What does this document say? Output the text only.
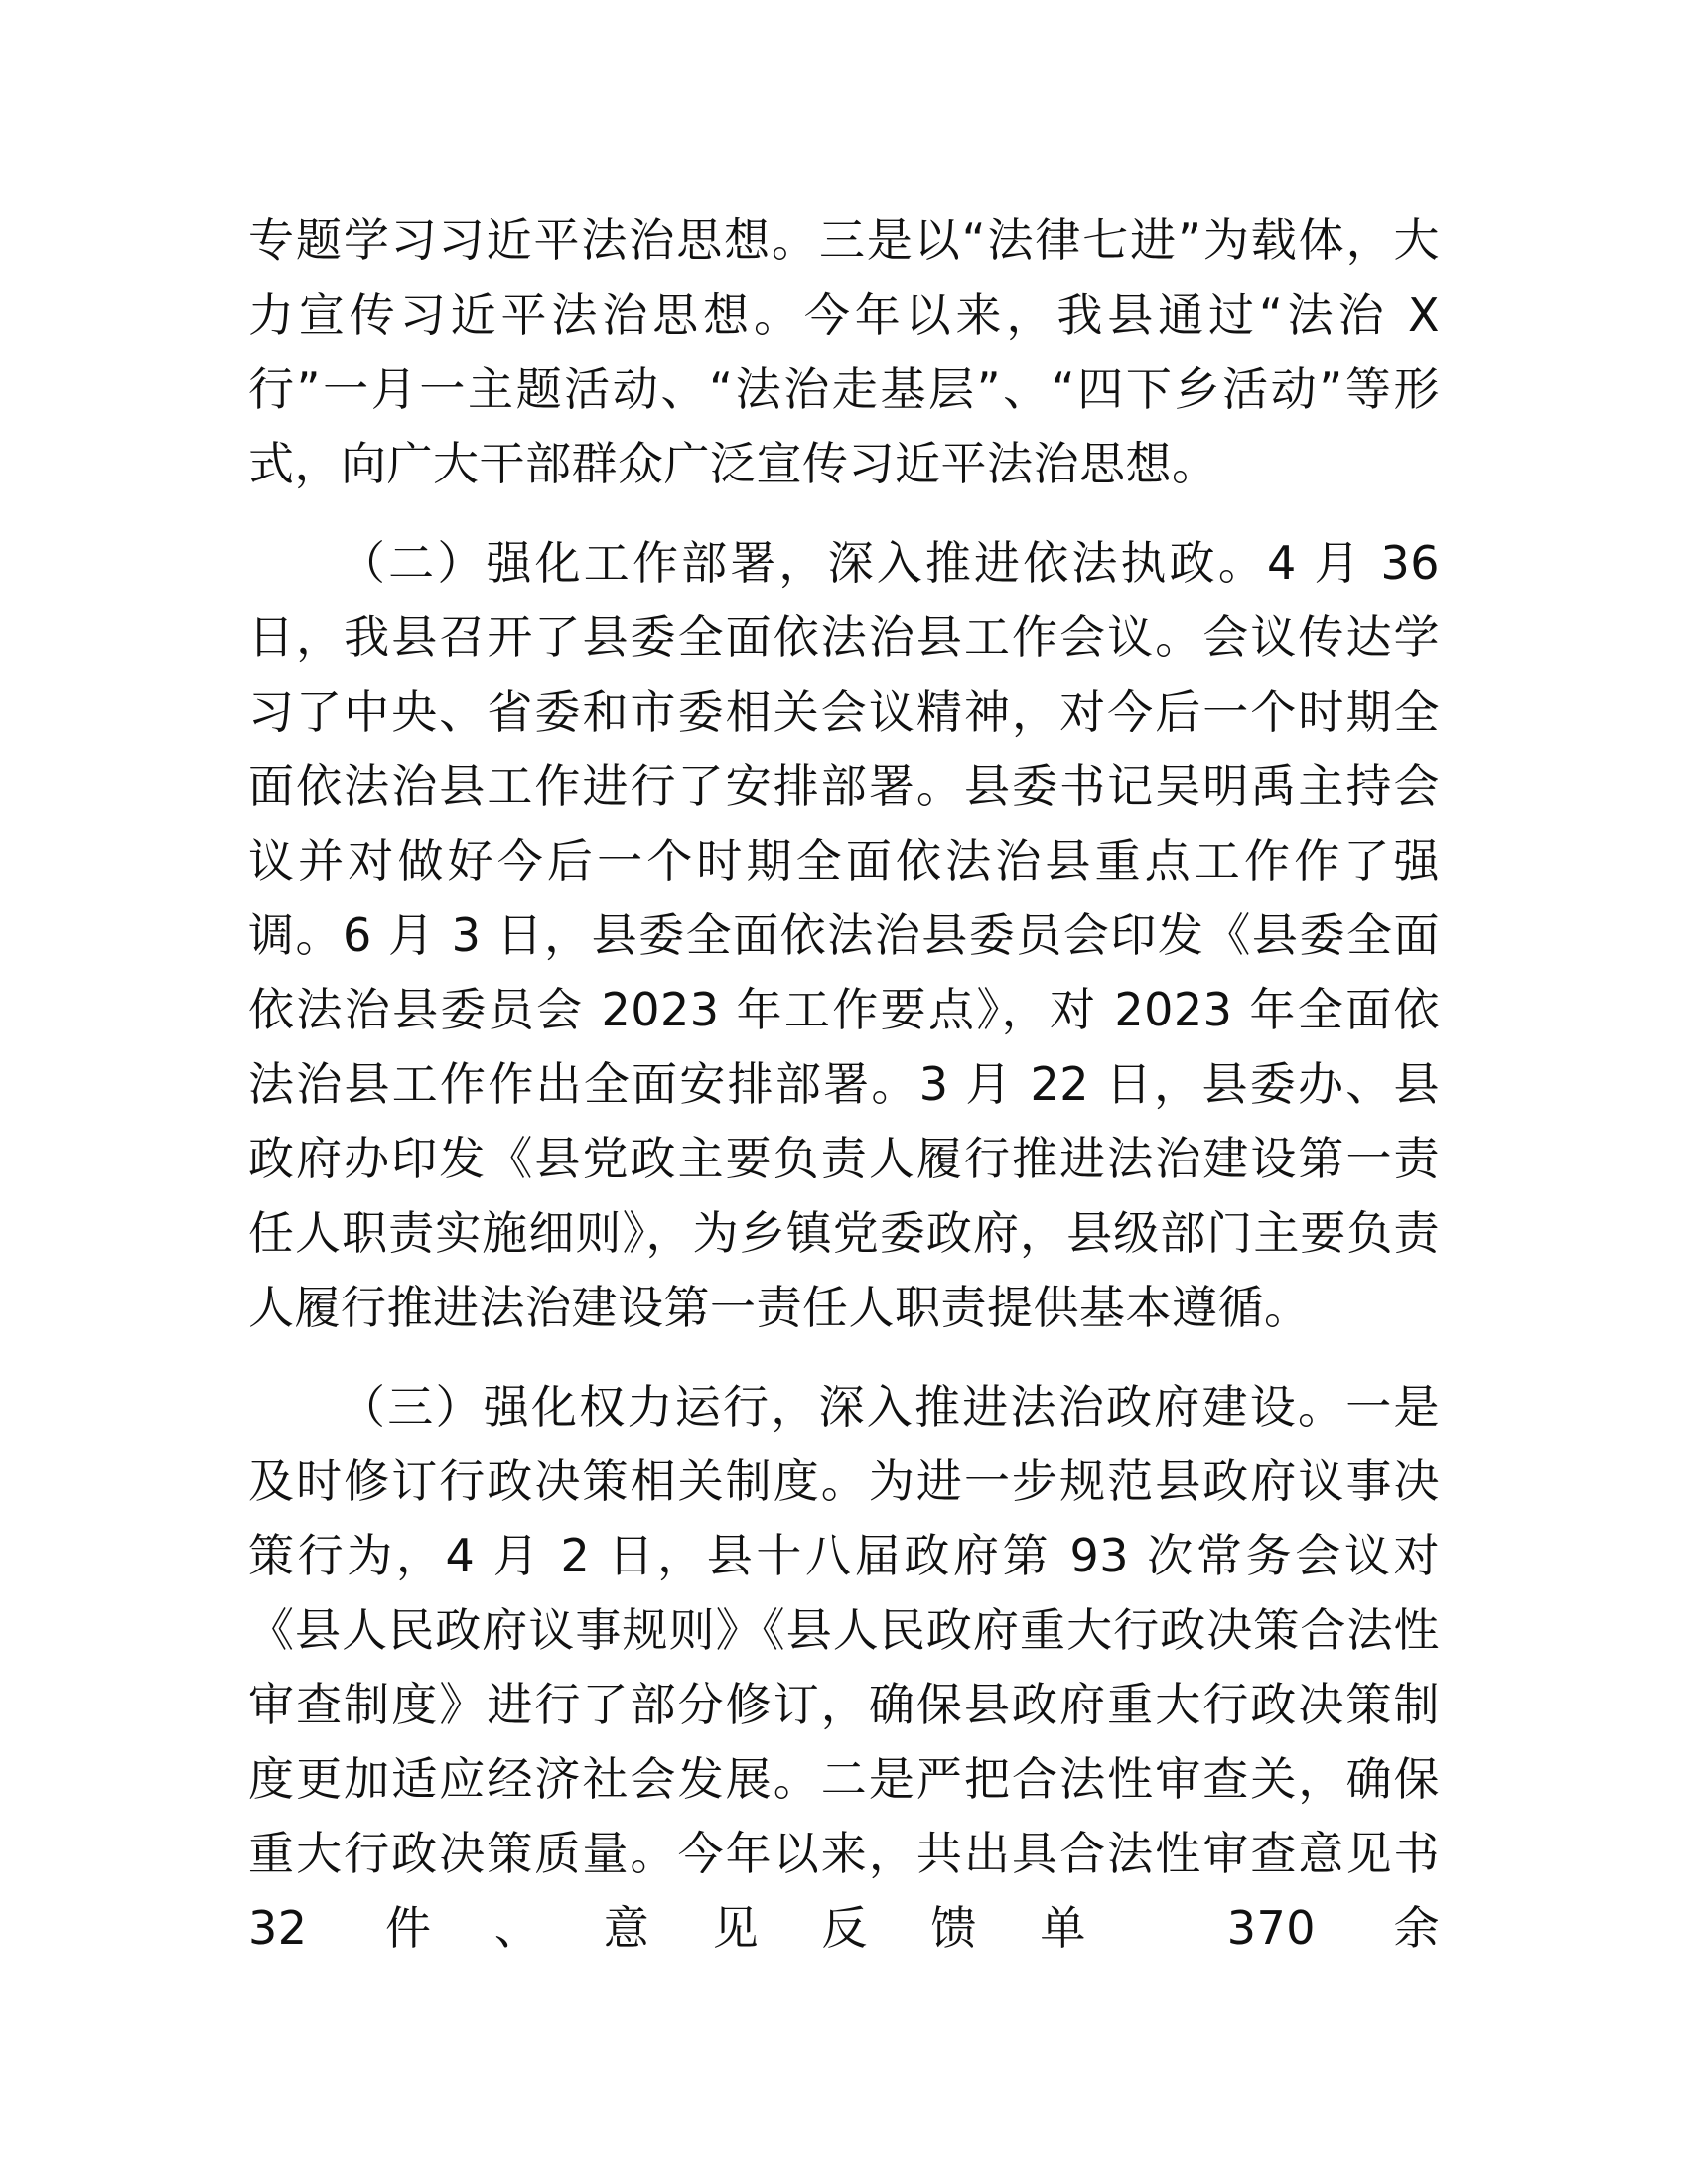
专题学习习近平法治思想。三是以“法律七进”为载体，大力宣传习近平法治思想。今年以来，我县通过“法治 X 行”一月一主题活动、“法治走基层”、“四下乡活动”等形式，向广大干部群众广泛宣传习近平法治思想。

（二）强化工作部署，深入推进依法执政。4 月 36 日，我县召开了县委全面依法治县工作会议。会议传达学习了中央、省委和市委相关会议精神，对今后一个时期全面依法治县工作进行了安排部署。县委书记吴明禹主持会议并对做好今后一个时期全面依法治县重点工作作了强调。6 月 3 日，县委全面依法治县委员会印发《县委全面依法治县委员会 2023 年工作要点》，对 2023 年全面依法治县工作作出全面安排部署。3 月 22 日，县委办、县政府办印发《县党政主要负责人履行推进法治建设第一责任人职责实施细则》，为乡镇党委政府，县级部门主要负责人履行推进法治建设第一责任人职责提供基本遵循。

（三）强化权力运行，深入推进法治政府建设。一是及时修订行政决策相关制度。为进一步规范县政府议事决策行为，4 月 2 日，县十八届政府第 93 次常务会议对《县人民政府议事规则》《县人民政府重大行政决策合法性审查制度》进行了部分修订，确保县政府重大行政决策制度更加适应经济社会发展。二是严把合法性审查关，确保重大行政决策质量。今年以来，共出具合法性审查意见书 32 件、意见反馈单 370 余
